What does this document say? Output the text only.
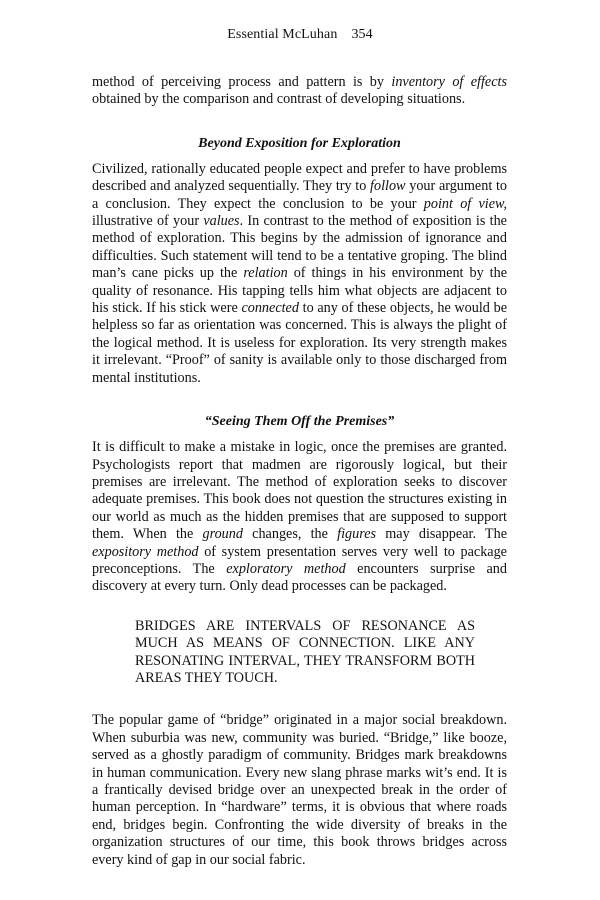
Essential McLuhan 354

method of perceiving process and pattern is by inventory of effects obtained by the comparison and contrast of developing situations.

Beyond Exposition for Exploration

Civilized, rationally educated people expect and prefer to have problems described and analyzed sequentially. They try to follow your argument to a conclusion. They expect the conclusion to be your point of view, illustrative of your values. In contrast to the method of exposition is the method of exploration. This begins by the admission of ignorance and difficulties. Such statement will tend to be a tentative groping. The blind man’s cane picks up the relation of things in his environment by the quality of resonance. His tapping tells him what objects are adjacent to his stick. If his stick were connected to any of these objects, he would be helpless so far as orientation was concerned. This is always the plight of the logical method. It is useless for exploration. Its very strength makes it irrelevant. “Proof” of sanity is available only to those discharged from mental institutions.

“Seeing Them Off the Premises”

It is difficult to make a mistake in logic, once the premises are granted. Psychologists report that madmen are rigorously logical, but their premises are irrelevant. The method of exploration seeks to discover adequate premises. This book does not question the structures existing in our world as much as the hidden premises that are supposed to support them. When the ground changes, the figures may disappear. The expository method of system presentation serves very well to package preconceptions. The exploratory method encounters surprise and discovery at every turn. Only dead processes can be packaged.

BRIDGES ARE INTERVALS OF RESONANCE AS MUCH AS MEANS OF CONNECTION. LIKE ANY RESONATING INTERVAL, THEY TRANSFORM BOTH AREAS THEY TOUCH.

The popular game of “bridge” originated in a major social breakdown. When suburbia was new, community was buried. “Bridge,” like booze, served as a ghostly paradigm of community. Bridges mark breakdowns in human communication. Every new slang phrase marks wit’s end. It is a frantically devised bridge over an unexpected break in the order of human perception. In “hardware” terms, it is obvious that where roads end, bridges begin. Confronting the wide diversity of breaks in the organization structures of our time, this book throws bridges across every kind of gap in our social fabric.
